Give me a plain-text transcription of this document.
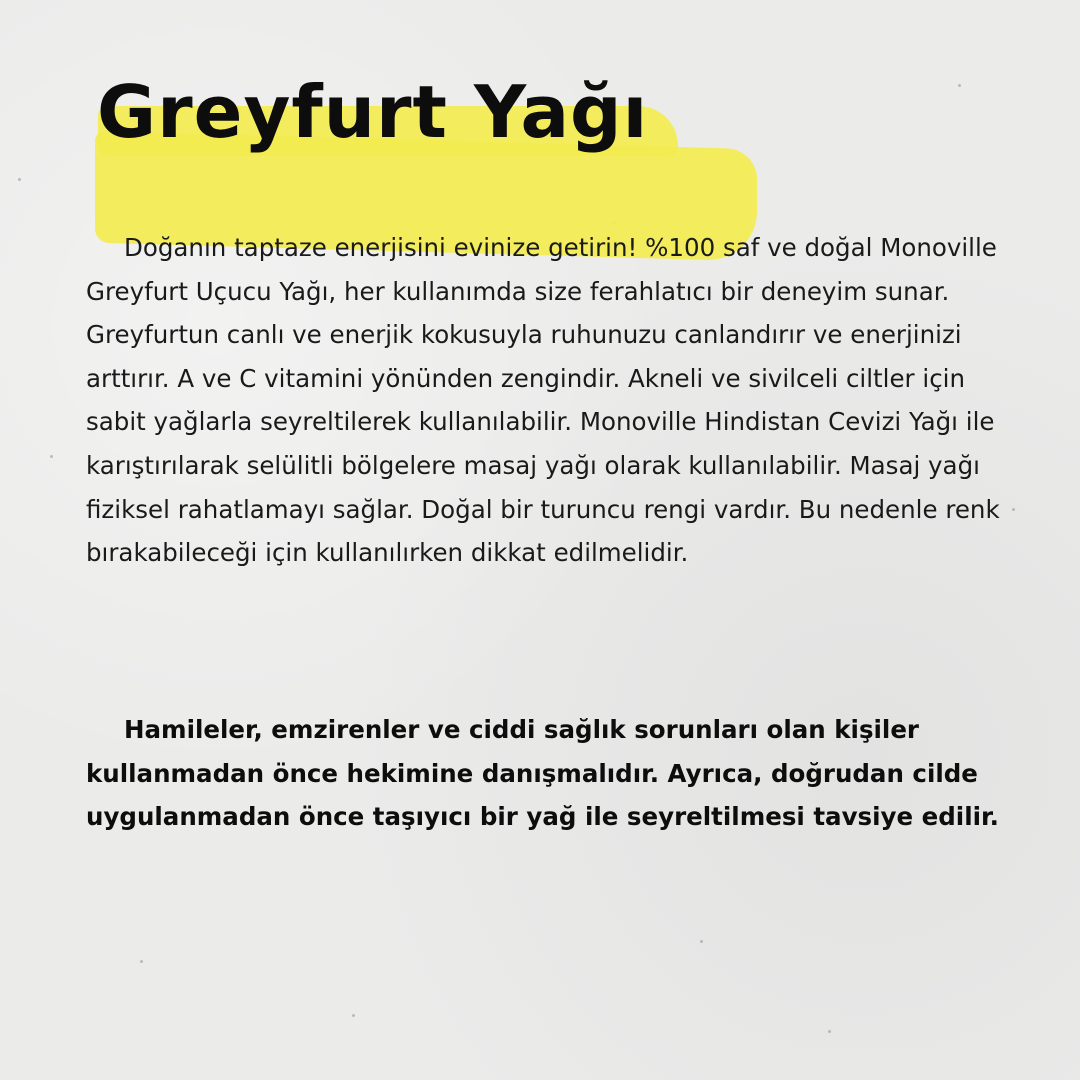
Greyfurt Yağı

Doğanın taptaze enerjisini evinize getirin! %100 saf ve doğal Monoville Greyfurt Uçucu Yağı, her kullanımda size ferahlatıcı bir deneyim sunar. Greyfurtun canlı ve enerjik kokusuyla ruhunuzu canlandırır ve enerjinizi arttırır. A ve C vitamini yönünden zengindir. Akneli ve sivilceli ciltler için sabit yağlarla seyreltilerek kullanılabilir. Monoville Hindistan Cevizi Yağı ile karıştırılarak selülitli bölgelere masaj yağı olarak kullanılabilir. Masaj yağı fiziksel rahatlamayı sağlar. Doğal bir turuncu rengi vardır. Bu nedenle renk bırakabileceği için kullanılırken dikkat edilmelidir.

Hamileler, emzirenler ve ciddi sağlık sorunları olan kişiler kullanmadan önce hekimine danışmalıdır. Ayrıca, doğrudan cilde uygulanmadan önce taşıyıcı bir yağ ile seyreltilmesi tavsiye edilir.
